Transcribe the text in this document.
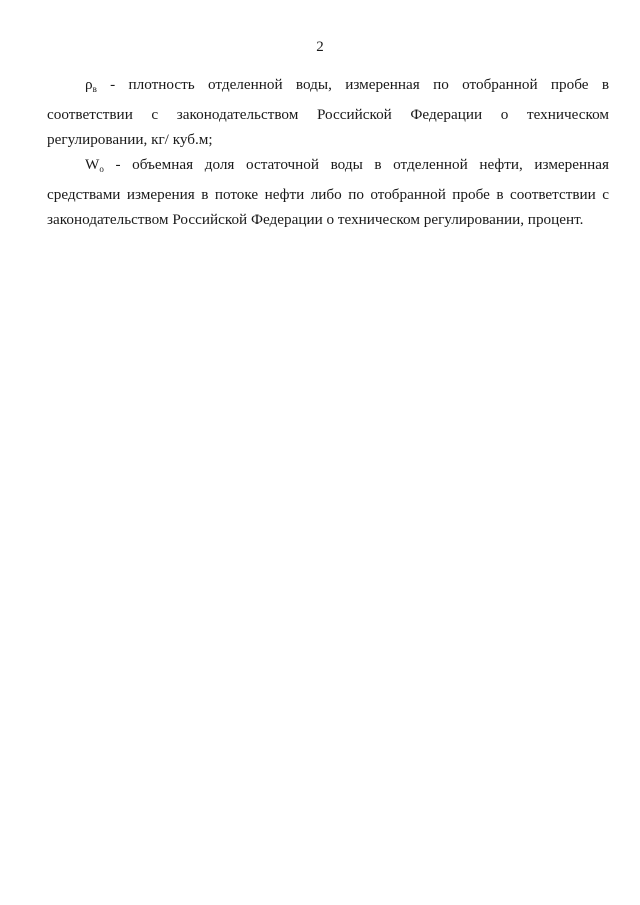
2

$\rho_в$ - плотность отделенной воды, измеренная по отобранной пробе в соответствии с законодательством Российской Федерации о техническом регулировании, кг/ куб.м;

$W_о$ - объемная доля остаточной воды в отделенной нефти, измеренная средствами измерения в потоке нефти либо по отобранной пробе в соответствии с законодательством Российской Федерации о техническом регулировании, процент.
